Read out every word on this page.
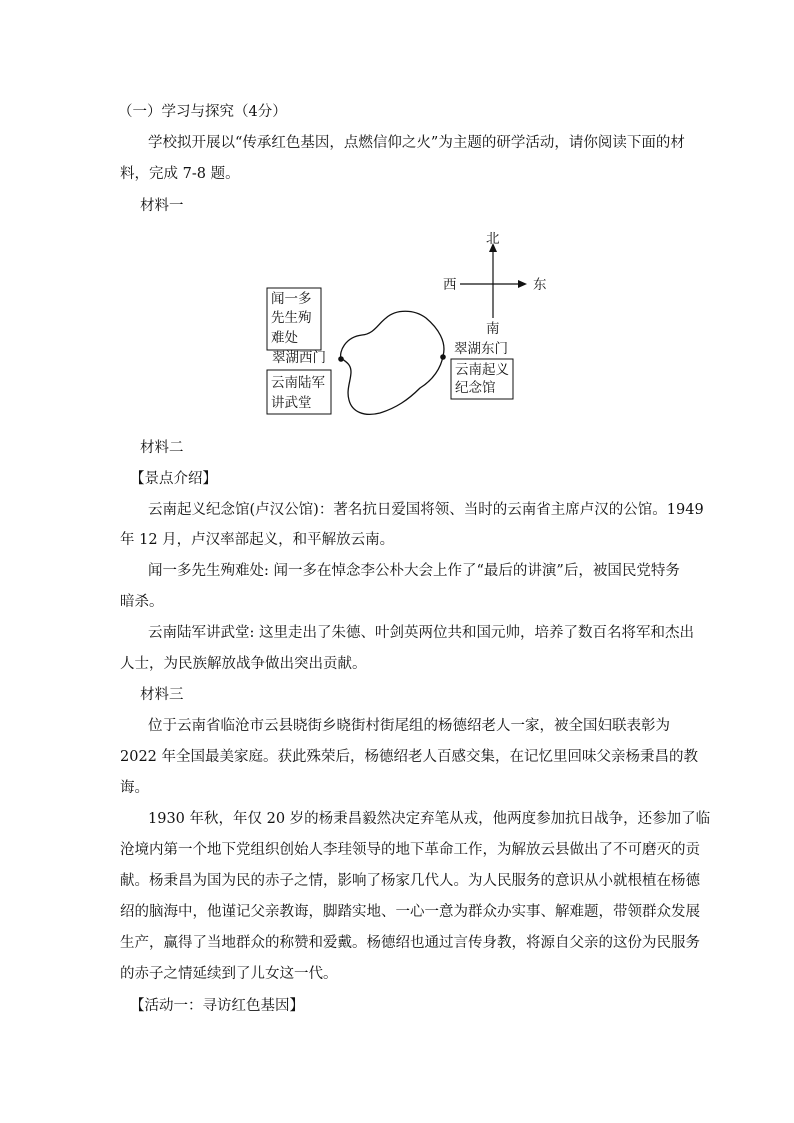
（一）学习与探究（4分）
学校拟开展以“传承红色基因，点燃信仰之火”为主题的研学活动，请你阅读下面的材
料，完成 7-8 题。
材料一
北
西	东
南
闻一多
先生殉
难处
翠湖西门
云南陆军
讲武堂
翠湖东门
云南起义
纪念馆
材料二
【景点介绍】
云南起义纪念馆(卢汉公馆)：著名抗日爱国将领、当时的云南省主席卢汉的公馆。1949
年 12 月，卢汉率部起义，和平解放云南。
闻一多先生殉难处: 闻一多在悼念李公朴大会上作了“最后的讲演”后，被国民党特务
暗杀。
云南陆军讲武堂: 这里走出了朱德、叶剑英两位共和国元帅，培养了数百名将军和杰出
人士，为民族解放战争做出突出贡献。
材料三
位于云南省临沧市云县晓街乡晓街村街尾组的杨德绍老人一家，被全国妇联表彰为
2022 年全国最美家庭。获此殊荣后，杨德绍老人百感交集，在记忆里回味父亲杨秉昌的教
诲。
1930 年秋，年仅 20 岁的杨秉昌毅然决定弃笔从戎，他两度参加抗日战争，还参加了临
沧境内第一个地下党组织创始人李珪领导的地下革命工作，为解放云县做出了不可磨灭的贡
献。杨秉昌为国为民的赤子之情，影响了杨家几代人。为人民服务的意识从小就根植在杨德
绍的脑海中，他谨记父亲教诲，脚踏实地、一心一意为群众办实事、解难题，带领群众发展
生产，赢得了当地群众的称赞和爱戴。杨德绍也通过言传身教，将源自父亲的这份为民服务
的赤子之情延续到了儿女这一代。
【活动一：寻访红色基因】
